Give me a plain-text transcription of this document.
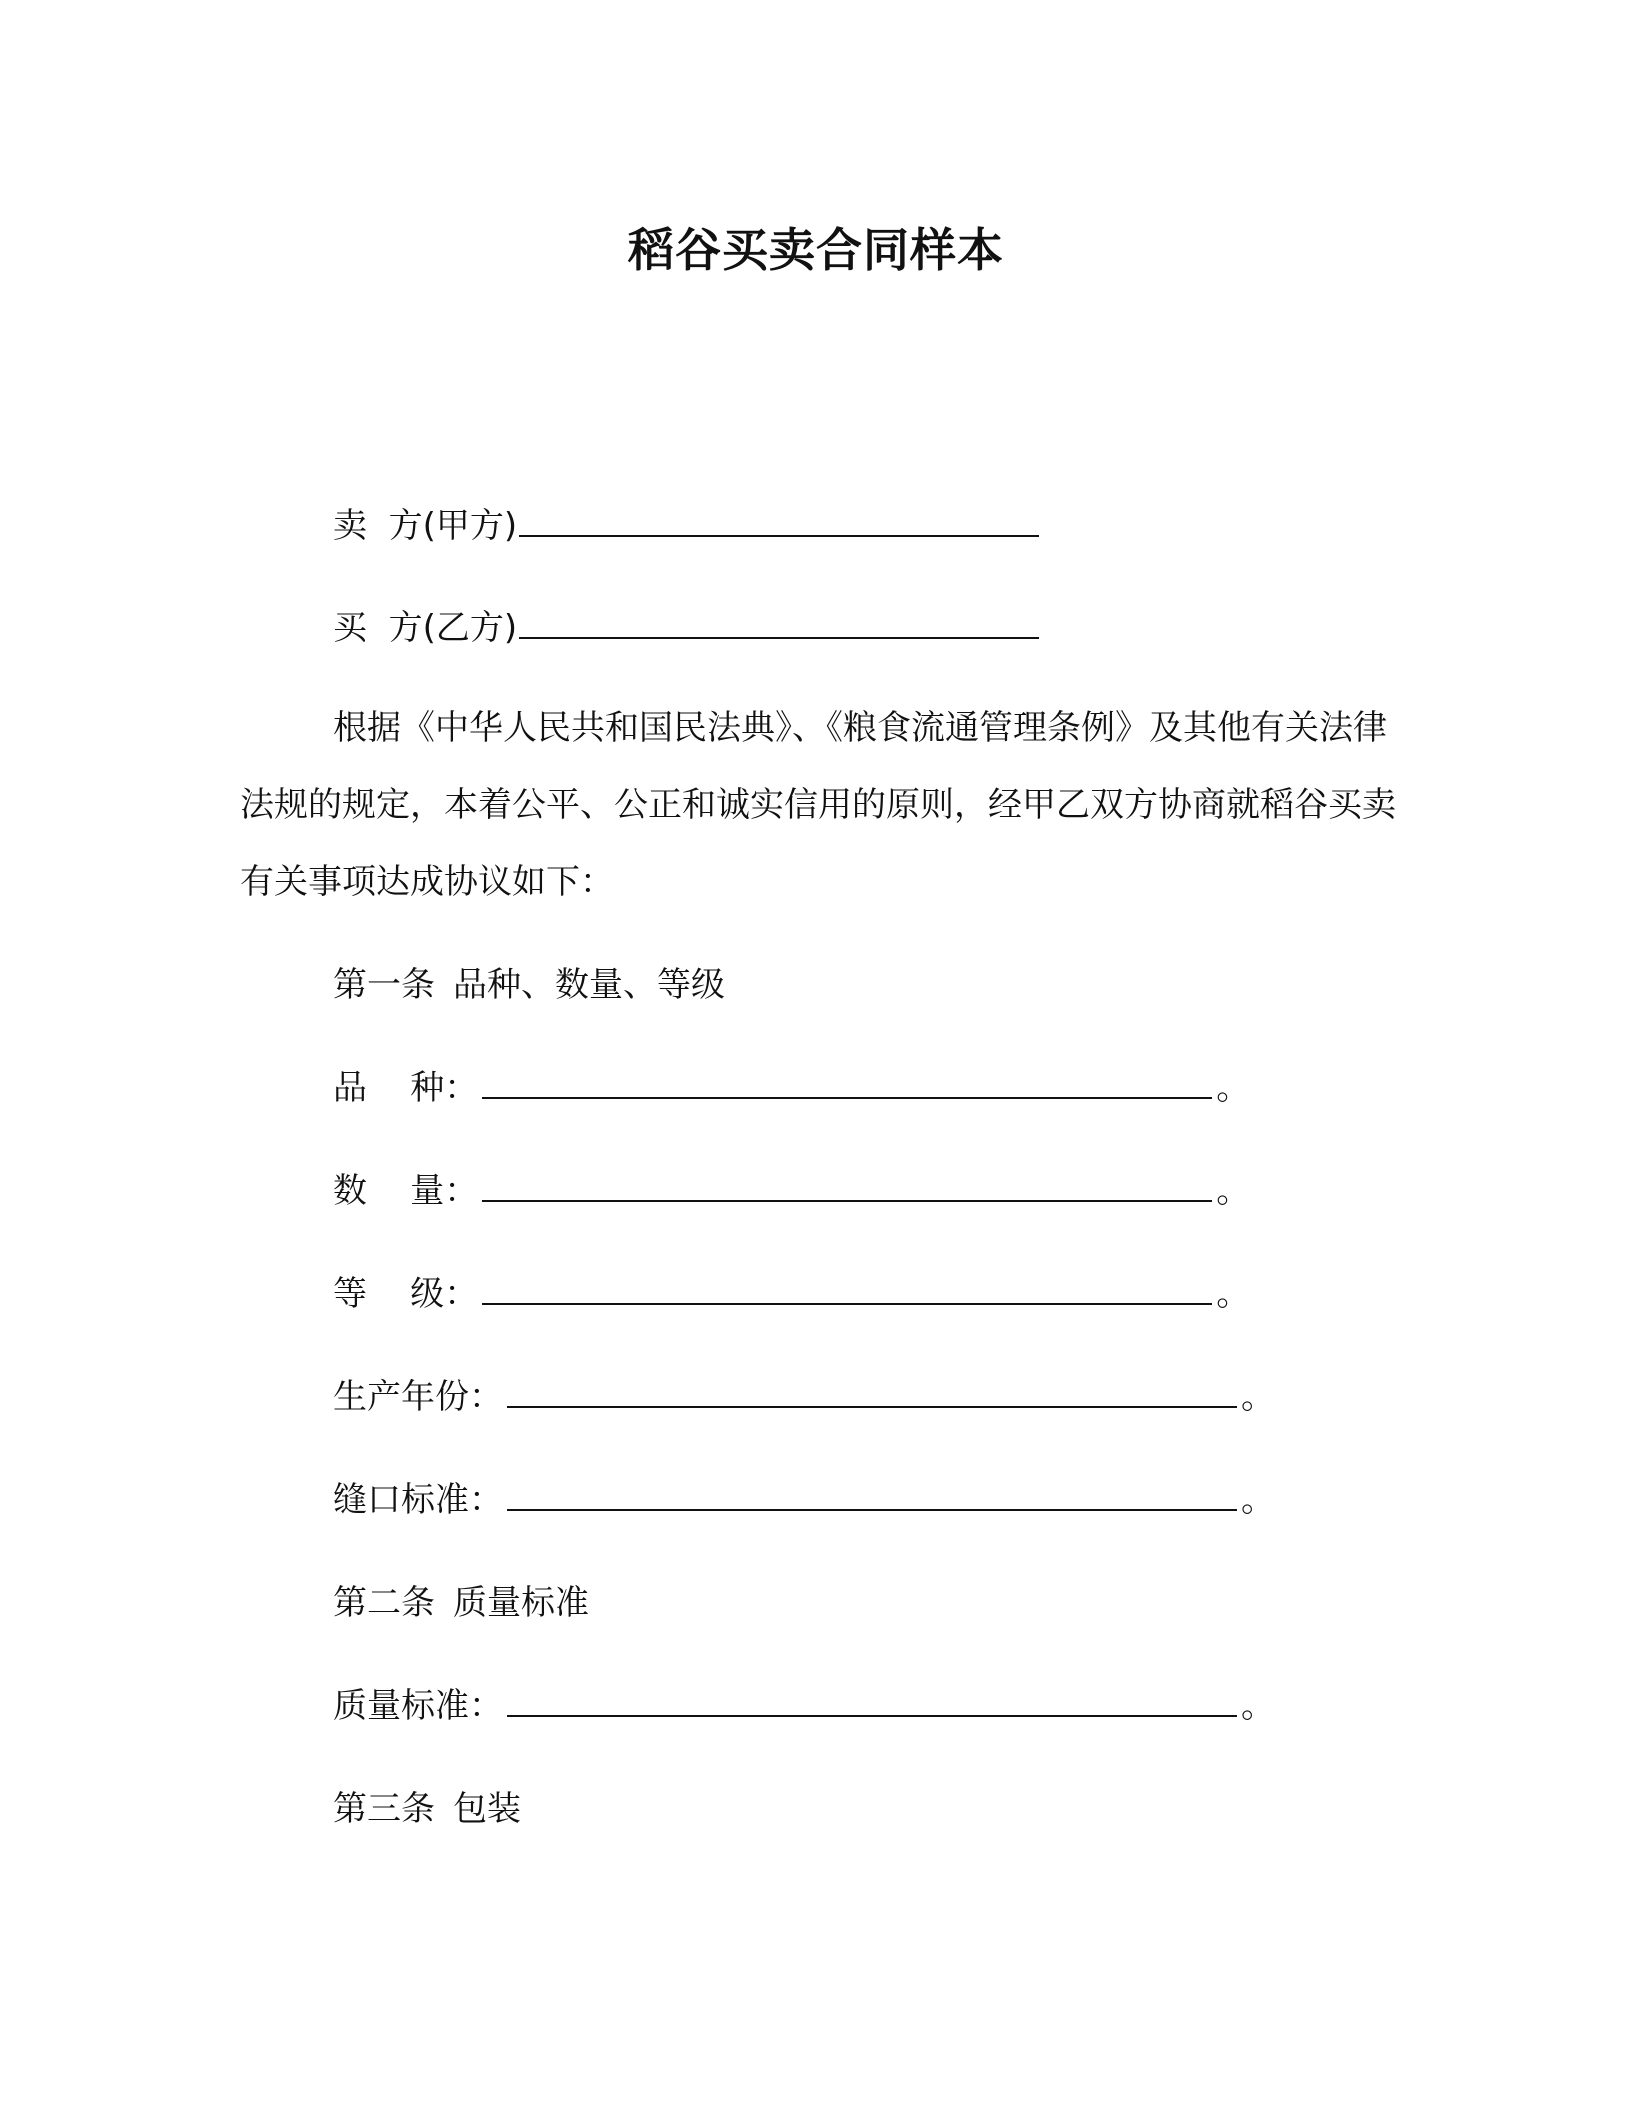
稻谷买卖合同样本
卖  方(甲方)
买  方(乙方)
根据《中华人民共和国民法典》、《粮食流通管理条例》及其他有关法律法规的规定，本着公平、公正和诚实信用的原则，经甲乙双方协商就稻谷买卖有关事项达成协议如下：
第一条 品种、数量、等级
品    种：	。
数    量：	。
等    级：	。
生产年份：	。
缝口标准：	。
第二条 质量标准
质量标准：	。
第三条 包装
